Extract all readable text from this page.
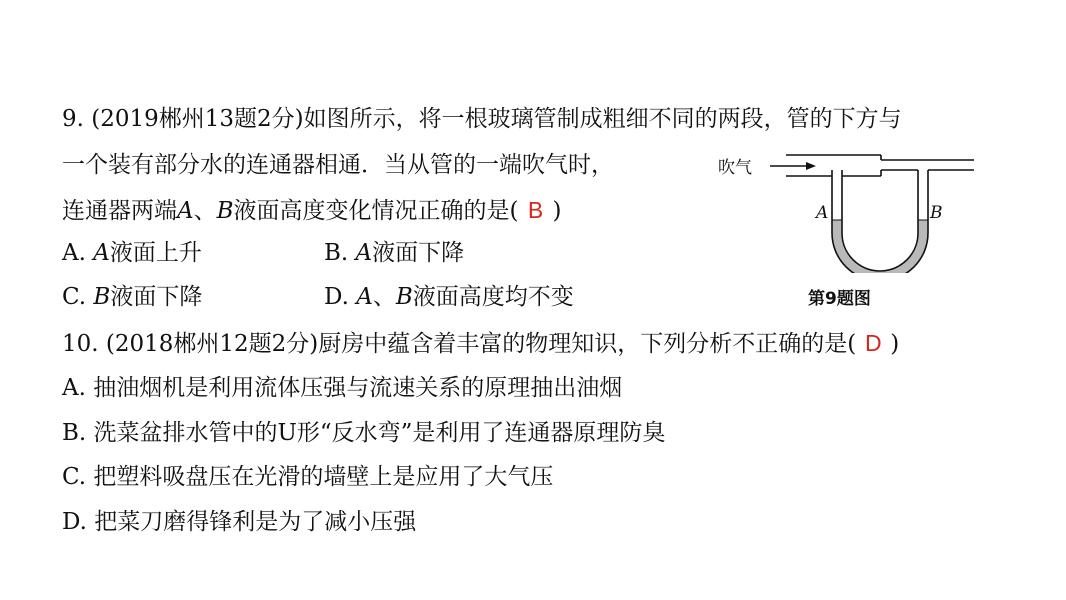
9. (2019郴州13题2分)如图所示，将一根玻璃管制成粗细不同的两段，管的下方与
一个装有部分水的连通器相通．当从管的一端吹气时，
连通器两端A、B液面高度变化情况正确的是( B )
A. A液面上升	B. A液面下降
C. B液面下降	D. A、B液面高度均不变
吹气
A	B
第9题图
10. (2018郴州12题2分)厨房中蕴含着丰富的物理知识，下列分析不正确的是( D )
A. 抽油烟机是利用流体压强与流速关系的原理抽出油烟
B. 洗菜盆排水管中的U形“反水弯”是利用了连通器原理防臭
C. 把塑料吸盘压在光滑的墙壁上是应用了大气压
D. 把菜刀磨得锋利是为了减小压强
